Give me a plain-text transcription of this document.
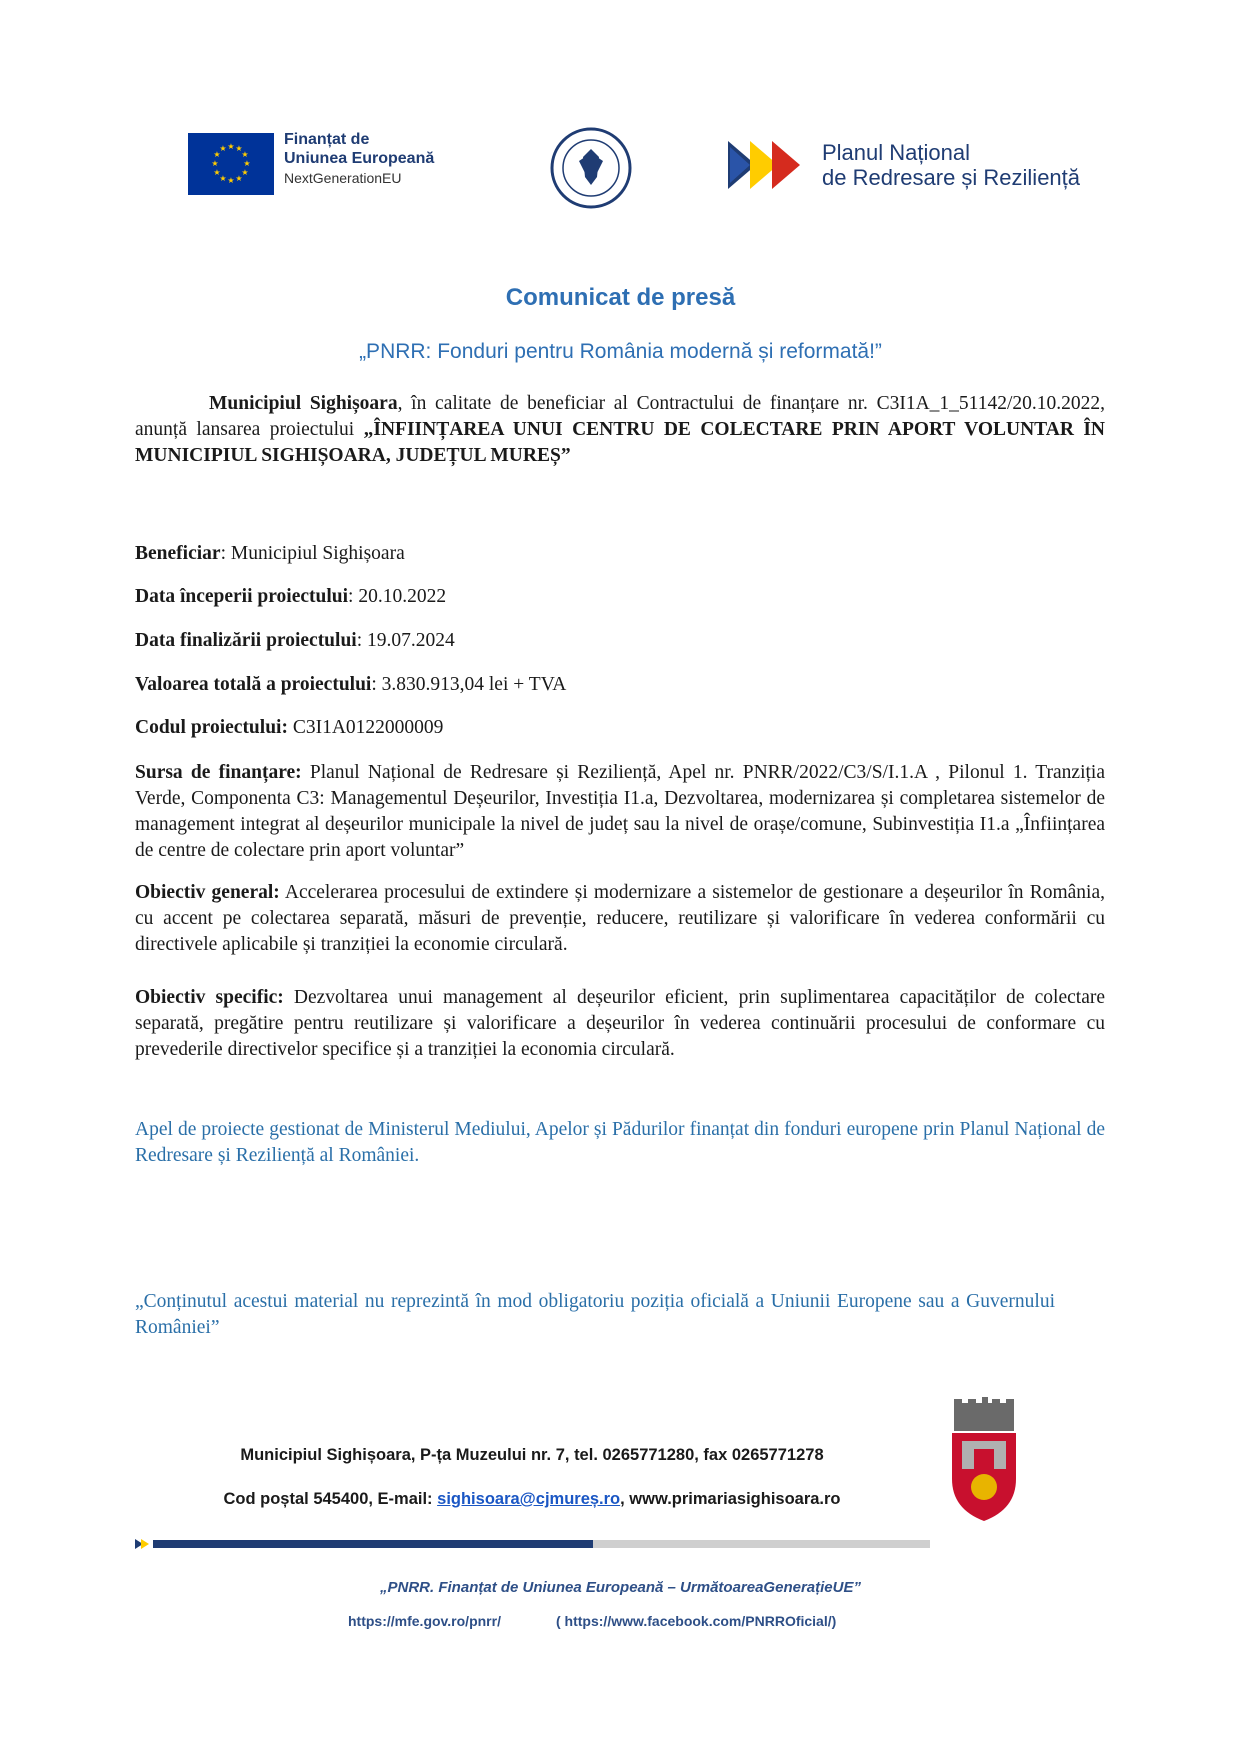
★ ★
★
★
★
★
★
★
★
★
★
★
Finanțat de
Uniunea Europeană
NextGenerationEU
Planul Național
de Redresare și Reziliență
Comunicat de presă
„PNRR: Fonduri pentru România modernă și reformată!”
Municipiul Sighișoara, în calitate de beneficiar al Contractului de finanțare nr. C3I1A_1_51142/20.10.2022, anunță lansarea proiectului „ÎNFIINȚAREA UNUI CENTRU DE COLECTARE PRIN APORT VOLUNTAR ÎN MUNICIPIUL SIGHIȘOARA, JUDEȚUL MUREȘ”
Beneficiar: Municipiul Sighișoara
Data începerii proiectului: 20.10.2022
Data finalizării proiectului: 19.07.2024
Valoarea totală a proiectului: 3.830.913,04 lei + TVA
Codul proiectului: C3I1A0122000009
Sursa de finanțare: Planul Național de Redresare și Reziliență, Apel nr. PNRR/2022/C3/S/I.1.A , Pilonul 1. Tranziția Verde, Componenta C3: Managementul Deșeurilor, Investiția I1.a, Dezvoltarea, modernizarea și completarea sistemelor de management integrat al deșeurilor municipale la nivel de județ sau la nivel de orașe/comune, Subinvestiția I1.a „Înființarea de centre de colectare prin aport voluntar”
Obiectiv general: Accelerarea procesului de extindere și modernizare a sistemelor de gestionare a deșeurilor în România, cu accent pe colectarea separată, măsuri de prevenție, reducere, reutilizare și valorificare în vederea conformării cu directivele aplicabile și tranziției la economie circulară.
Obiectiv specific: Dezvoltarea unui management al deșeurilor eficient, prin suplimentarea capacităților de colectare separată, pregătire pentru reutilizare și valorificare a deșeurilor în vederea continuării procesului de conformare cu prevederile directivelor specifice și a tranziției la economia circulară.
Apel de proiecte gestionat de Ministerul Mediului, Apelor și Pădurilor finanțat din fonduri europene prin Planul Național de Redresare și Reziliență al României.
„Conținutul acestui material nu reprezintă în mod obligatoriu poziția oficială a Uniunii Europene sau a Guvernului României”
Municipiul Sighișoara, P-ța Muzeului nr. 7, tel. 0265771280, fax 0265771278
Cod poștal 545400, E-mail: sighisoara@cjmureș.ro, www.primariasighisoara.ro
„PNRR. Finanțat de Uniunea Europeană – UrmătoareaGenerațieUE”
https://mfe.gov.ro/pnrr/	( https://www.facebook.com/PNRROficial/)
